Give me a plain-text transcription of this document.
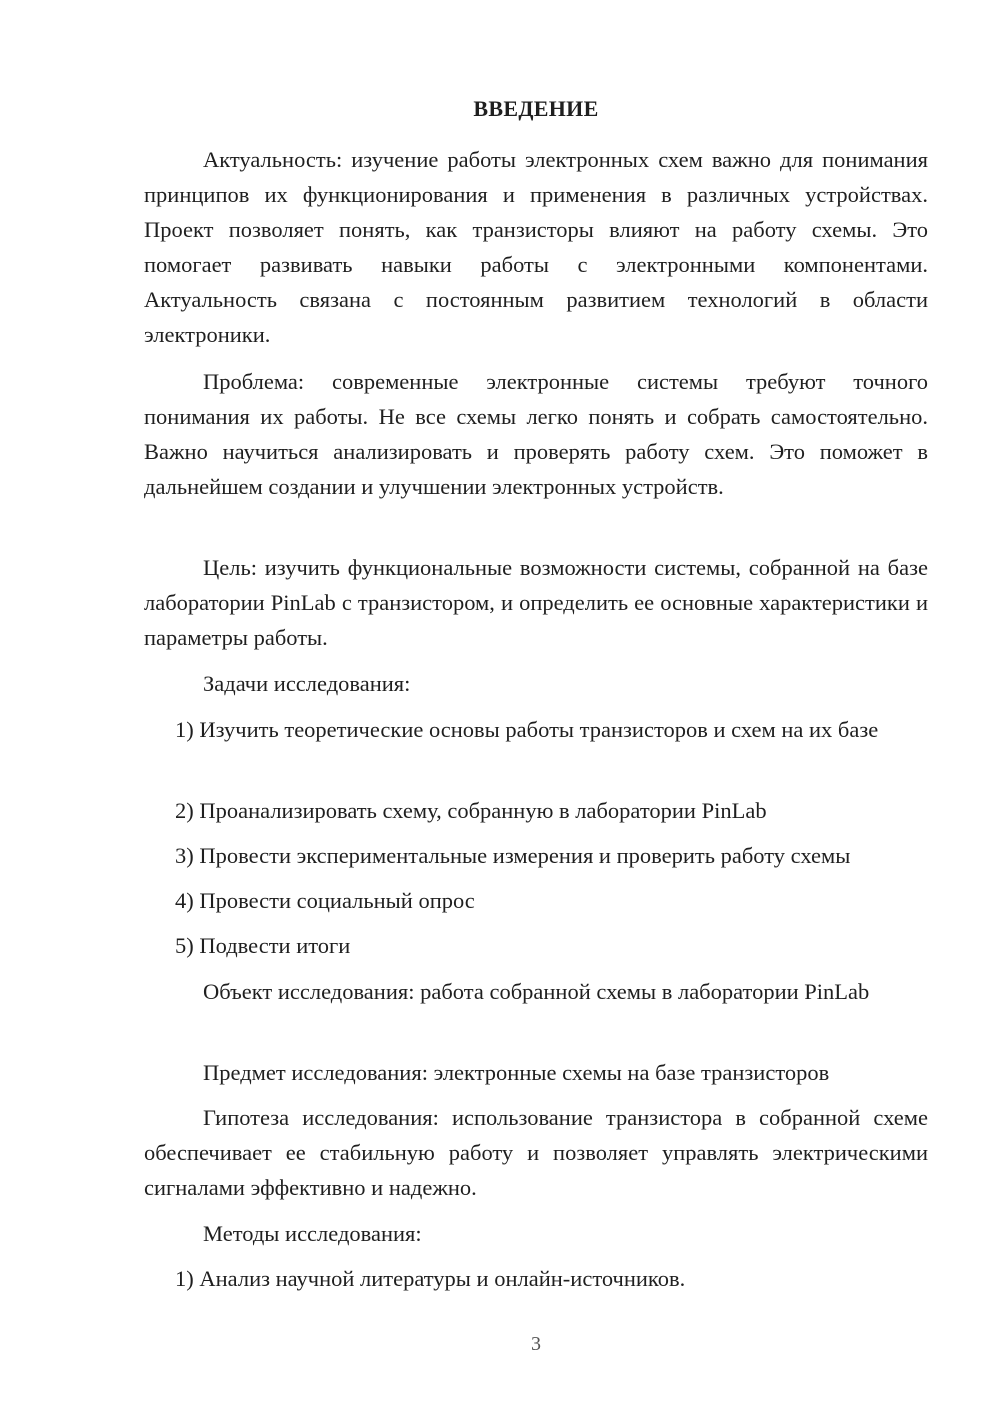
ВВЕДЕНИЕ

Актуальность: изучение работы электронных схем важно для понимания принципов их функционирования и применения в различных устройствах. Проект позволяет понять, как транзисторы влияют на работу схемы. Это помогает развивать навыки работы с электронными компонентами. Актуальность связана с постоянным развитием технологий в области электроники.

Проблема: современные электронные системы требуют точного понимания их работы. Не все схемы легко понять и собрать самостоятельно. Важно научиться анализировать и проверять работу схем. Это поможет в дальнейшем создании и улучшении электронных устройств.

Цель: изучить функциональные возможности системы, собранной на базе лаборатории PinLab с транзистором, и определить ее основные характеристики и параметры работы.

Задачи исследования:

1) Изучить теоретические основы работы транзисторов и схем на их базе

2) Проанализировать схему, собранную в лаборатории PinLab

3) Провести экспериментальные измерения и проверить работу схемы

4) Провести социальный опрос

5) Подвести итоги

Объект исследования: работа собранной схемы в лаборатории PinLab

Предмет исследования: электронные схемы на базе транзисторов

Гипотеза исследования: использование транзистора в собранной схеме обеспечивает ее стабильную работу и позволяет управлять электрическими сигналами эффективно и надежно.

Методы исследования:

1) Анализ научной литературы и онлайн-источников.

3
